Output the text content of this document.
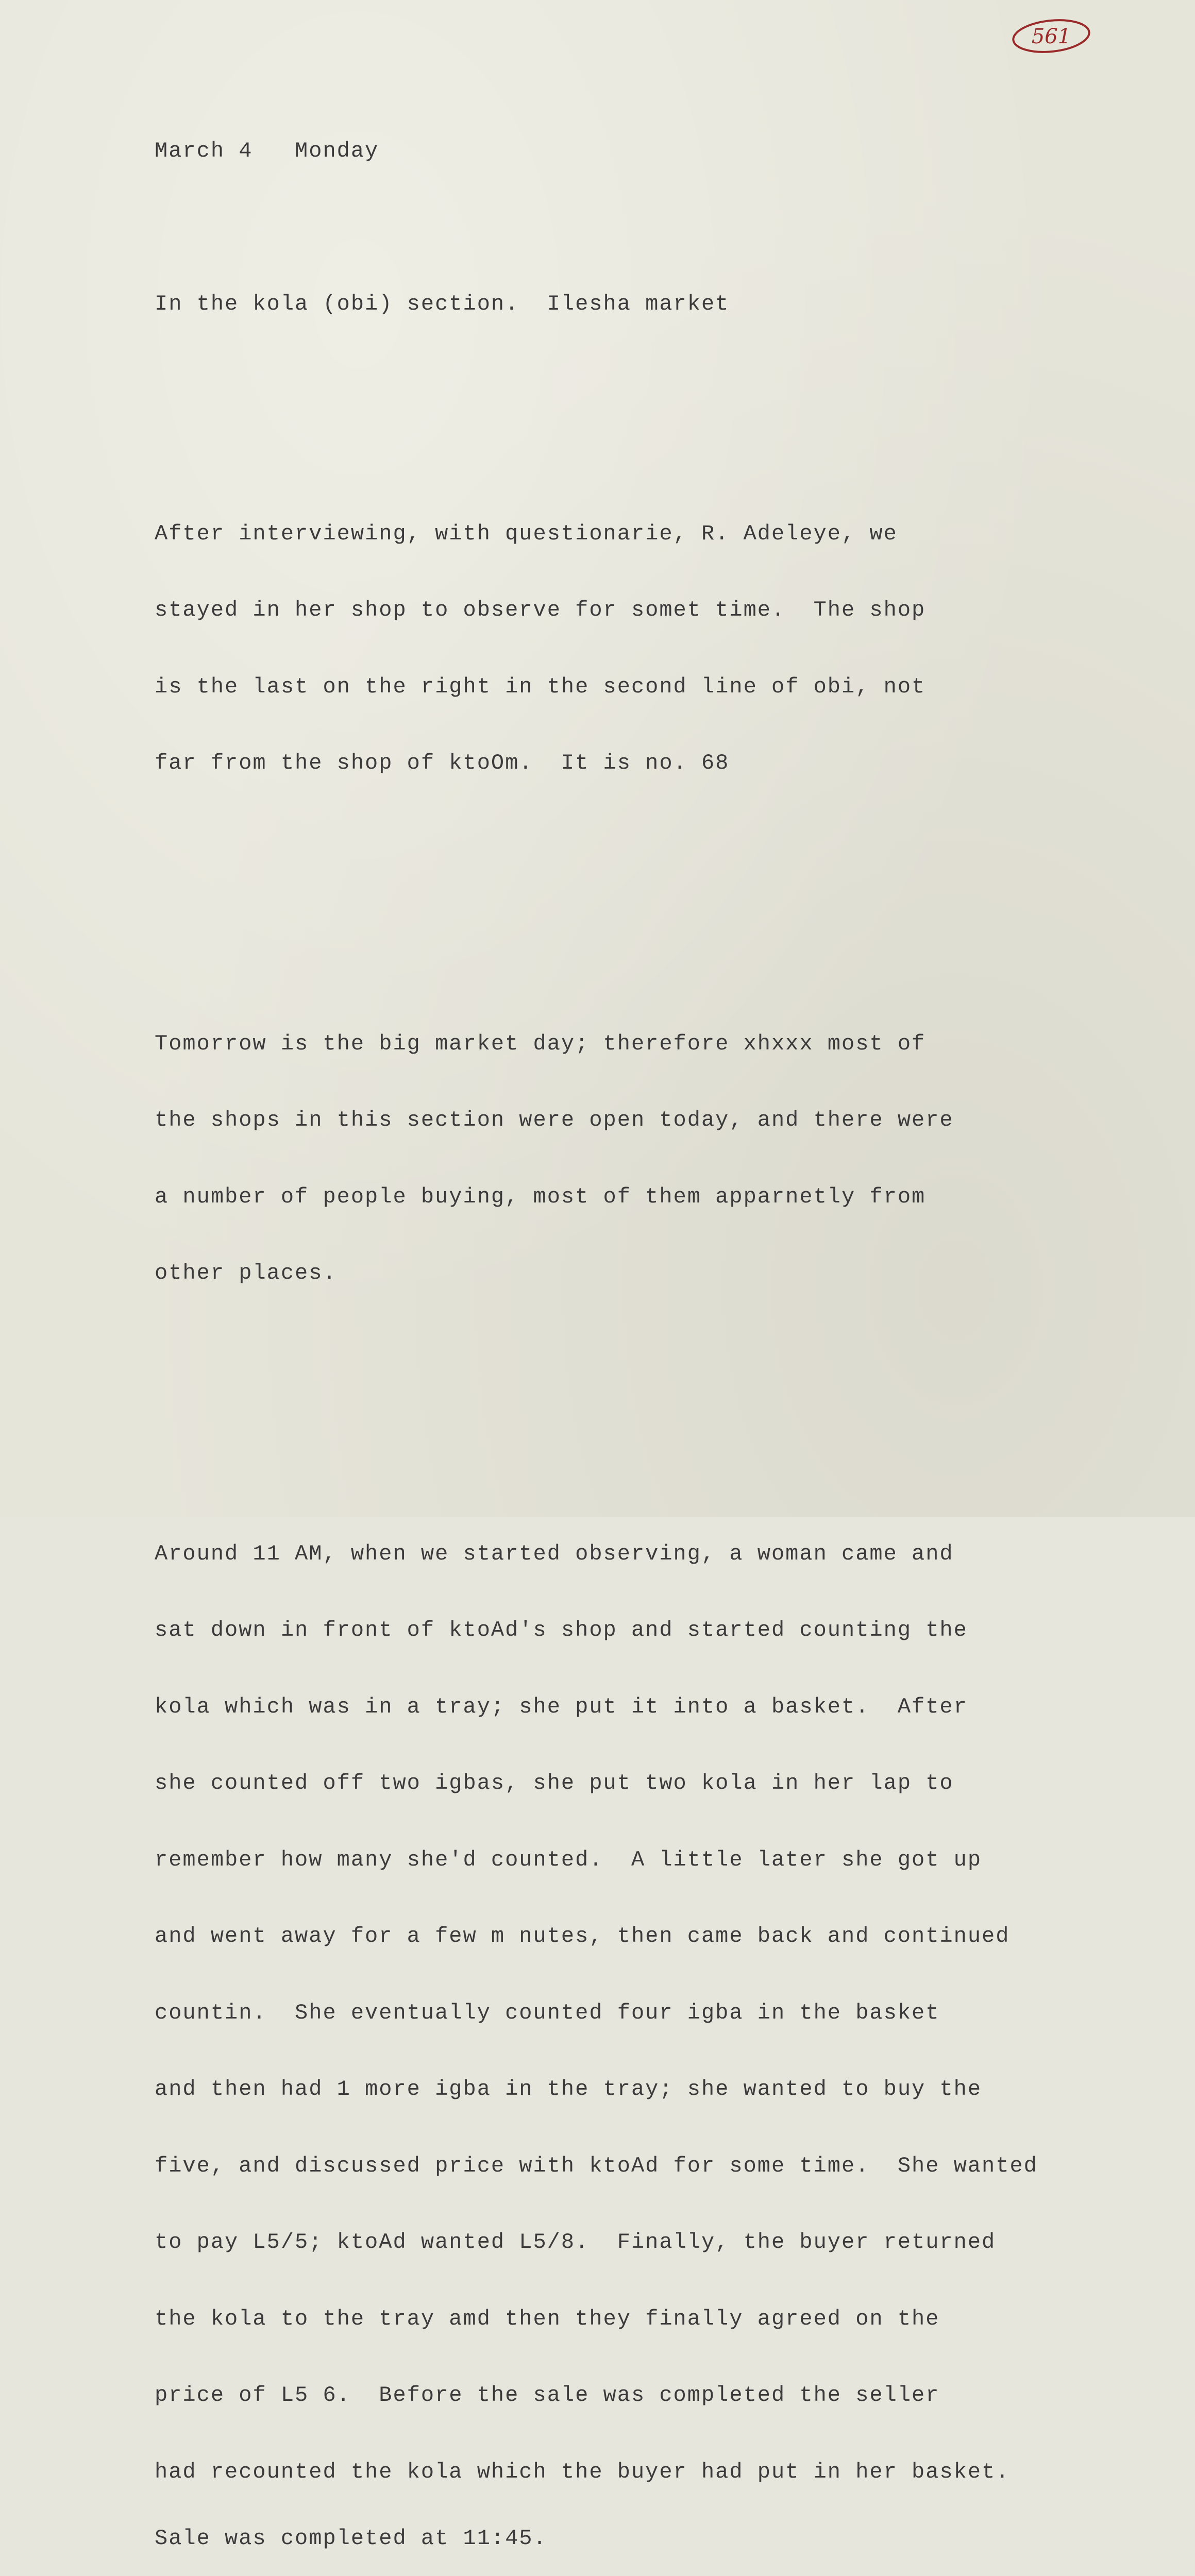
561

March 4   Monday

In the kola (obi) section.  Ilesha market

After interviewing, with questionarie, R. Adeleye, we

stayed in her shop to observe for somet time.  The shop

is the last on the right in the second line of obi, not

far from the shop of ktoOm.  It is no. 68

Tomorrow is the big market day; therefore xhxxx most of

the shops in this section were open today, and there were

a number of people buying, most of them apparnetly from

other places.

Around 11 AM, when we started observing, a woman came and

sat down in front of ktoAd's shop and started counting the

kola which was in a tray; she put it into a basket.  After

she counted off two igbas, she put two kola in her lap to

remember how many she'd counted.  A little later she got up

and went away for a few m nutes, then came back and continued

countin.  She eventually counted four igba in the basket

and then had 1 more igba in the tray; she wanted to buy the

five, and discussed price with ktoAd for some time.  She wanted

to pay L5/5; ktoAd wanted L5/8.  Finally, the buyer returned

the kola to the tray amd then they finally agreed on the

price of L5 6.  Before the sale was completed the seller

had recounted the kola which the buyer had put in her basket.

Sale was completed at 11:45.
